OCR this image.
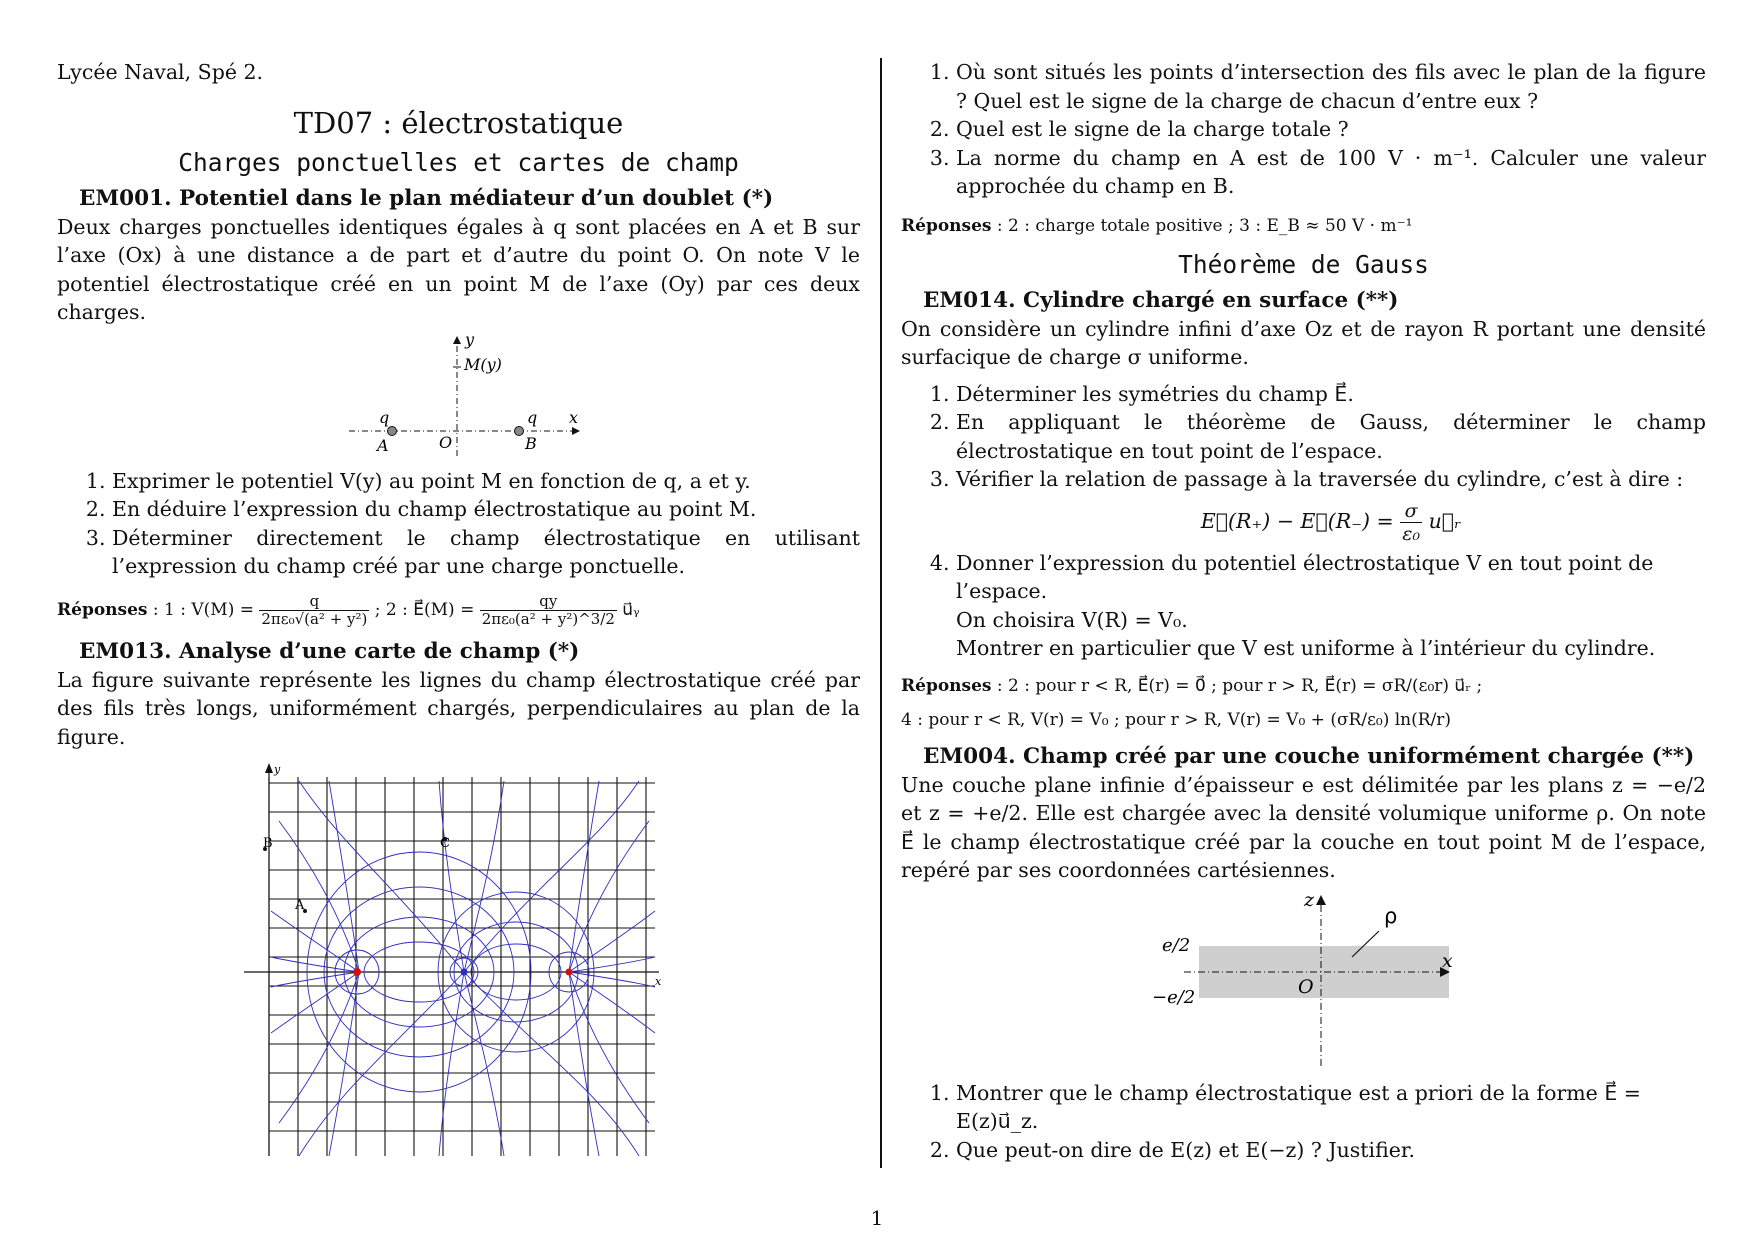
Lycée Naval, Spé 2.
TD07 : électrostatique
Charges ponctuelles et cartes de champ
EM001. Potentiel dans le plan médiateur d’un doublet (*)
Deux charges ponctuelles identiques égales à q sont placées en A et B sur l’axe (Ox) à une distance a de part et d’autre du point O. On note V le potentiel électrostatique créé en un point M de l’axe (Oy) par ces deux charges.
y
M(y)
q	q x
A	O	B
1. Exprimer le potentiel V(y) au point M en fonction de q, a et y.
2. En déduire l’expression du champ électrostatique au point M.
3. Déterminer directement le champ électrostatique en utilisant l’expression du champ créé par une charge ponctuelle.
Réponses : 1 : $V(M) = \frac{q}{\text{2πε₀√(a² + y²)}}$ ; 2 : E⃗(M) = $\frac{qy}{\text{2πε₀(a² + y²)\textasciicircum{}3/2}}$ u⃗ᵧ
EM013. Analyse d’une carte de champ (*)
La figure suivante représente les lignes du champ électrostatique créé par des fils très longs, uniformément chargés, perpendiculaires au plan de la figure.
y
x
A
B	C
1. Où sont situés les points d’intersection des fils avec le plan de la figure ? Quel est le signe de la charge de chacun d’entre eux ?
2. Quel est le signe de la charge totale ?
3. La norme du champ en A est de 100 V · m⁻¹. Calculer une valeur approchée du champ en B.
Réponses : 2 : charge totale positive ; 3 : E_B ≈ 50 V · m⁻¹
Théorème de Gauss
EM014. Cylindre chargé en surface (**)
On considère un cylindre infini d’axe Oz et de rayon R portant une densité surfacique de charge σ uniforme.
1. Déterminer les symétries du champ E⃗.
2. En appliquant le théorème de Gauss, déterminer le champ électrostatique en tout point de l’espace.
3. Vérifier la relation de passage à la traversée du cylindre, c’est à dire :
E⃗(R₊) − E⃗(R₋) = $\frac{\sigma}{\text{ε₀}}$ u⃗ᵣ
4. Donner l’expression du potentiel électrostatique V en tout point de l’espace.
On choisira V(R) = V₀.
Montrer en particulier que V est uniforme à l’intérieur du cylindre.
Réponses : 2 : pour r < R, E⃗(r) = 0⃗ ; pour r > R, E⃗(r) = σR/(ε₀r) u⃗ᵣ ;
4 : pour r < R, V(r) = V₀ ; pour r > R, V(r) = V₀ + (σR/ε₀) ln(R/r)
EM004. Champ créé par une couche uniformément chargée (**)
Une couche plane infinie d’épaisseur e est délimitée par les plans z = −e/2 et z = +e/2. Elle est chargée avec la densité volumique uniforme ρ. On note E⃗ le champ électrostatique créé par la couche en tout point M de l’espace, repéré par ses coordonnées cartésiennes.
z
ρ
e/2
−e/2	O
x
1. Montrer que le champ électrostatique est a priori de la forme E⃗ = E(z)u⃗_z.
2. Que peut-on dire de E(z) et E(−z) ? Justifier.
1
